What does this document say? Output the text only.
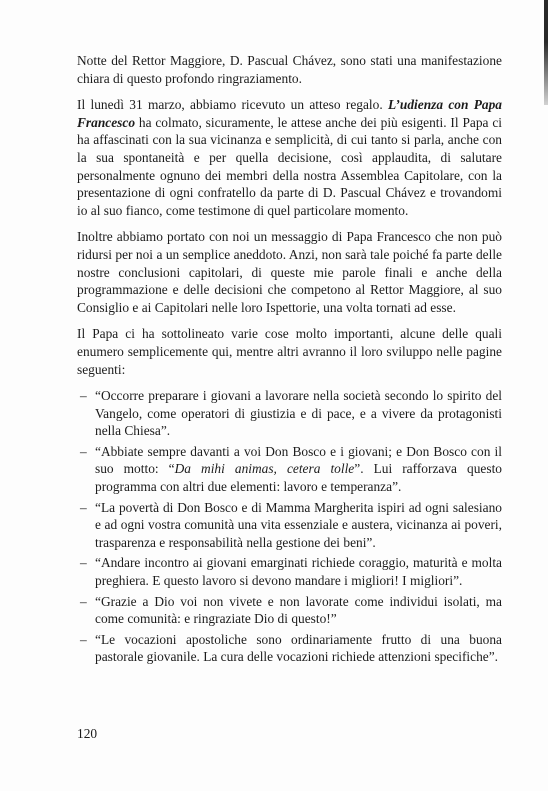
Notte del Rettor Maggiore, D. Pascual Chávez, sono stati una manifestazione chiara di questo profondo ringraziamento.

Il lunedì 31 marzo, abbiamo ricevuto un atteso regalo. L’udienza con Papa Francesco ha colmato, sicuramente, le attese anche dei più esigenti. Il Papa ci ha affascinati con la sua vicinanza e semplicità, di cui tanto si parla, anche con la sua spontaneità e per quella decisione, così applaudita, di salutare personalmente ognuno dei membri della nostra Assemblea Capitolare, con la presentazione di ogni confratello da parte di D. Pascual Chávez e trovandomi io al suo fianco, come testimone di quel particolare momento.

Inoltre abbiamo portato con noi un messaggio di Papa Francesco che non può ridursi per noi a un semplice aneddoto. Anzi, non sarà tale poiché fa parte delle nostre conclusioni capitolari, di queste mie parole finali e anche della programmazione e delle decisioni che competono al Rettor Maggiore, al suo Consiglio e ai Capitolari nelle loro Ispettorie, una volta tornati ad esse.

Il Papa ci ha sottolineato varie cose molto importanti, alcune delle quali enumero semplicemente qui, mentre altri avranno il loro sviluppo nelle pagine seguenti:

– “Occorre preparare i giovani a lavorare nella società secondo lo spirito del Vangelo, come operatori di giustizia e di pace, e a vivere da protagonisti nella Chiesa”.
– “Abbiate sempre davanti a voi Don Bosco e i giovani; e Don Bosco con il suo motto: “Da mihi animas, cetera tolle”. Lui rafforzava questo programma con altri due elementi: lavoro e temperanza”.
– “La povertà di Don Bosco e di Mamma Margherita ispiri ad ogni salesiano e ad ogni vostra comunità una vita essenziale e austera, vicinanza ai poveri, trasparenza e responsabilità nella gestione dei beni”.
– “Andare incontro ai giovani emarginati richiede coraggio, maturità e molta preghiera. E questo lavoro si devono mandare i migliori! I migliori”.
– “Grazie a Dio voi non vivete e non lavorate come individui isolati, ma come comunità: e ringraziate Dio di questo!”
– “Le vocazioni apostoliche sono ordinariamente frutto di una buona pastorale giovanile. La cura delle vocazioni richiede attenzioni specifiche”.
120
